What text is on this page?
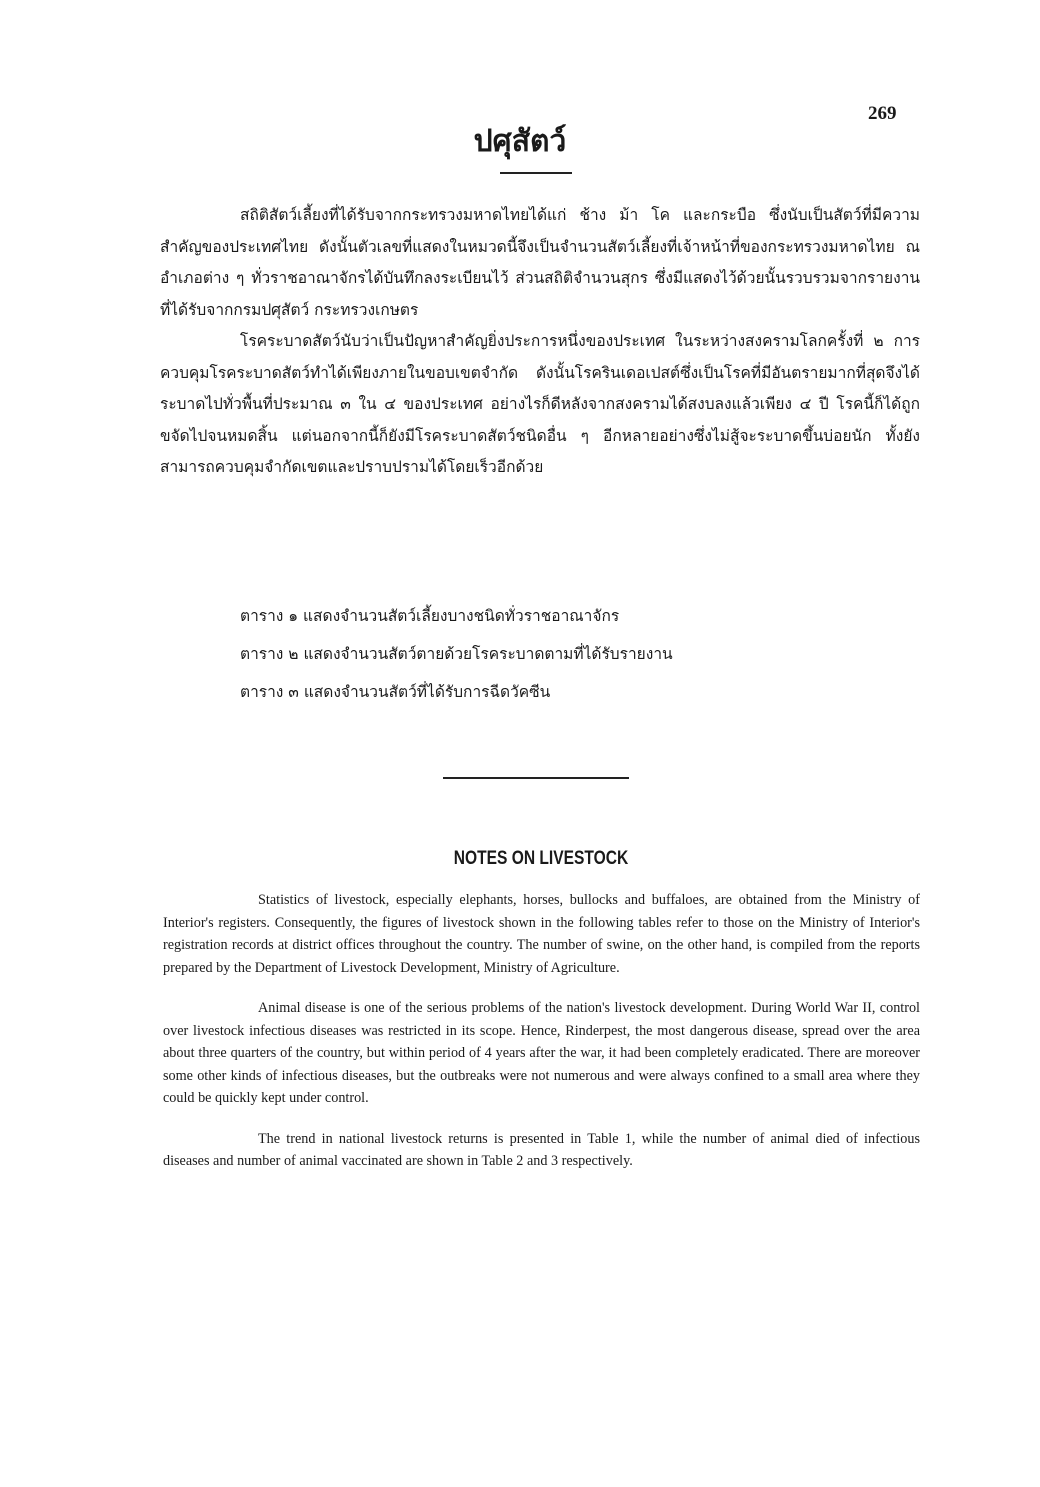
269
ปศุสัตว์

สถิติสัตว์เลี้ยงที่ได้รับจากกระทรวงมหาดไทยได้แก่ ช้าง ม้า โค และกระบือ ซึ่งนับเป็นสัตว์ที่มีความสำคัญของประเทศไทย ดังนั้นตัวเลขที่แสดงในหมวดนี้จึงเป็นจำนวนสัตว์เลี้ยงที่เจ้าหน้าที่ของกระทรวงมหาดไทย ณ อำเภอต่าง ๆ ทั่วราชอาณาจักรได้บันทึกลงระเบียนไว้ ส่วนสถิติจำนวนสุกร ซึ่งมีแสดงไว้ด้วยนั้นรวบรวมจากรายงานที่ได้รับจากกรมปศุสัตว์ กระทรวงเกษตร

โรคระบาดสัตว์นับว่าเป็นปัญหาสำคัญยิ่งประการหนึ่งของประเทศ ในระหว่างสงครามโลกครั้งที่ ๒ การควบคุมโรคระบาดสัตว์ทำได้เพียงภายในขอบเขตจำกัด ดังนั้นโรครินเดอเปสต์ซึ่งเป็นโรคที่มีอันตรายมากที่สุดจึงได้ระบาดไปทั่วพื้นที่ประมาณ ๓ ใน ๔ ของประเทศ อย่างไรก็ดีหลังจากสงครามได้สงบลงแล้วเพียง ๔ ปี โรคนี้ก็ได้ถูกขจัดไปจนหมดสิ้น แต่นอกจากนี้ก็ยังมีโรคระบาดสัตว์ชนิดอื่น ๆ อีกหลายอย่างซึ่งไม่สู้จะระบาดขึ้นบ่อยนัก ทั้งยังสามารถควบคุมจำกัดเขตและปราบปรามได้โดยเร็วอีกด้วย

ตาราง ๑ แสดงจำนวนสัตว์เลี้ยงบางชนิดทั่วราชอาณาจักร
ตาราง ๒ แสดงจำนวนสัตว์ตายด้วยโรคระบาดตามที่ได้รับรายงาน
ตาราง ๓ แสดงจำนวนสัตว์ที่ได้รับการฉีดวัคซีน
NOTES ON LIVESTOCK

Statistics of livestock, especially elephants, horses, bullocks and buffaloes, are obtained from the Ministry of Interior's registers. Consequently, the figures of livestock shown in the following tables refer to those on the Ministry of Interior's registration records at district offices throughout the country. The number of swine, on the other hand, is compiled from the reports prepared by the Department of Livestock Development, Ministry of Agriculture.

Animal disease is one of the serious problems of the nation's livestock development. During World War II, control over livestock infectious diseases was restricted in its scope. Hence, Rinderpest, the most dangerous disease, spread over the area about three quarters of the country, but within period of 4 years after the war, it had been completely eradicated. There are moreover some other kinds of infectious diseases, but the outbreaks were not numerous and were always confined to a small area where they could be quickly kept under control.

The trend in national livestock returns is presented in Table 1, while the number of animal died of infectious diseases and number of animal vaccinated are shown in Table 2 and 3 respectively.
